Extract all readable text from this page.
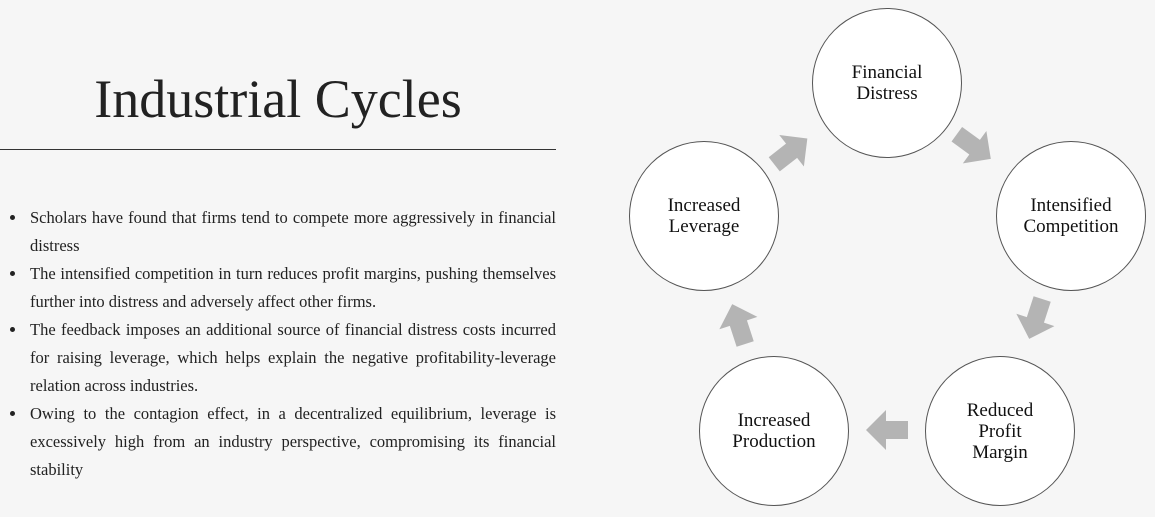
Industrial Cycles
Scholars have found that firms tend to compete more aggressively in financial distress
The intensified competition in turn reduces profit margins, pushing themselves further into distress and adversely affect other firms.
The feedback imposes an additional source of financial distress costs incurred for raising leverage, which helps explain the negative profitability-leverage relation across industries.
Owing to the contagion effect, in a decentralized equilibrium, leverage is excessively high from an industry perspective, compromising its financial stability
Financial
Distress
Intensified
Competition
Reduced
Profit
Margin
Increased
Production
Increased
Leverage
